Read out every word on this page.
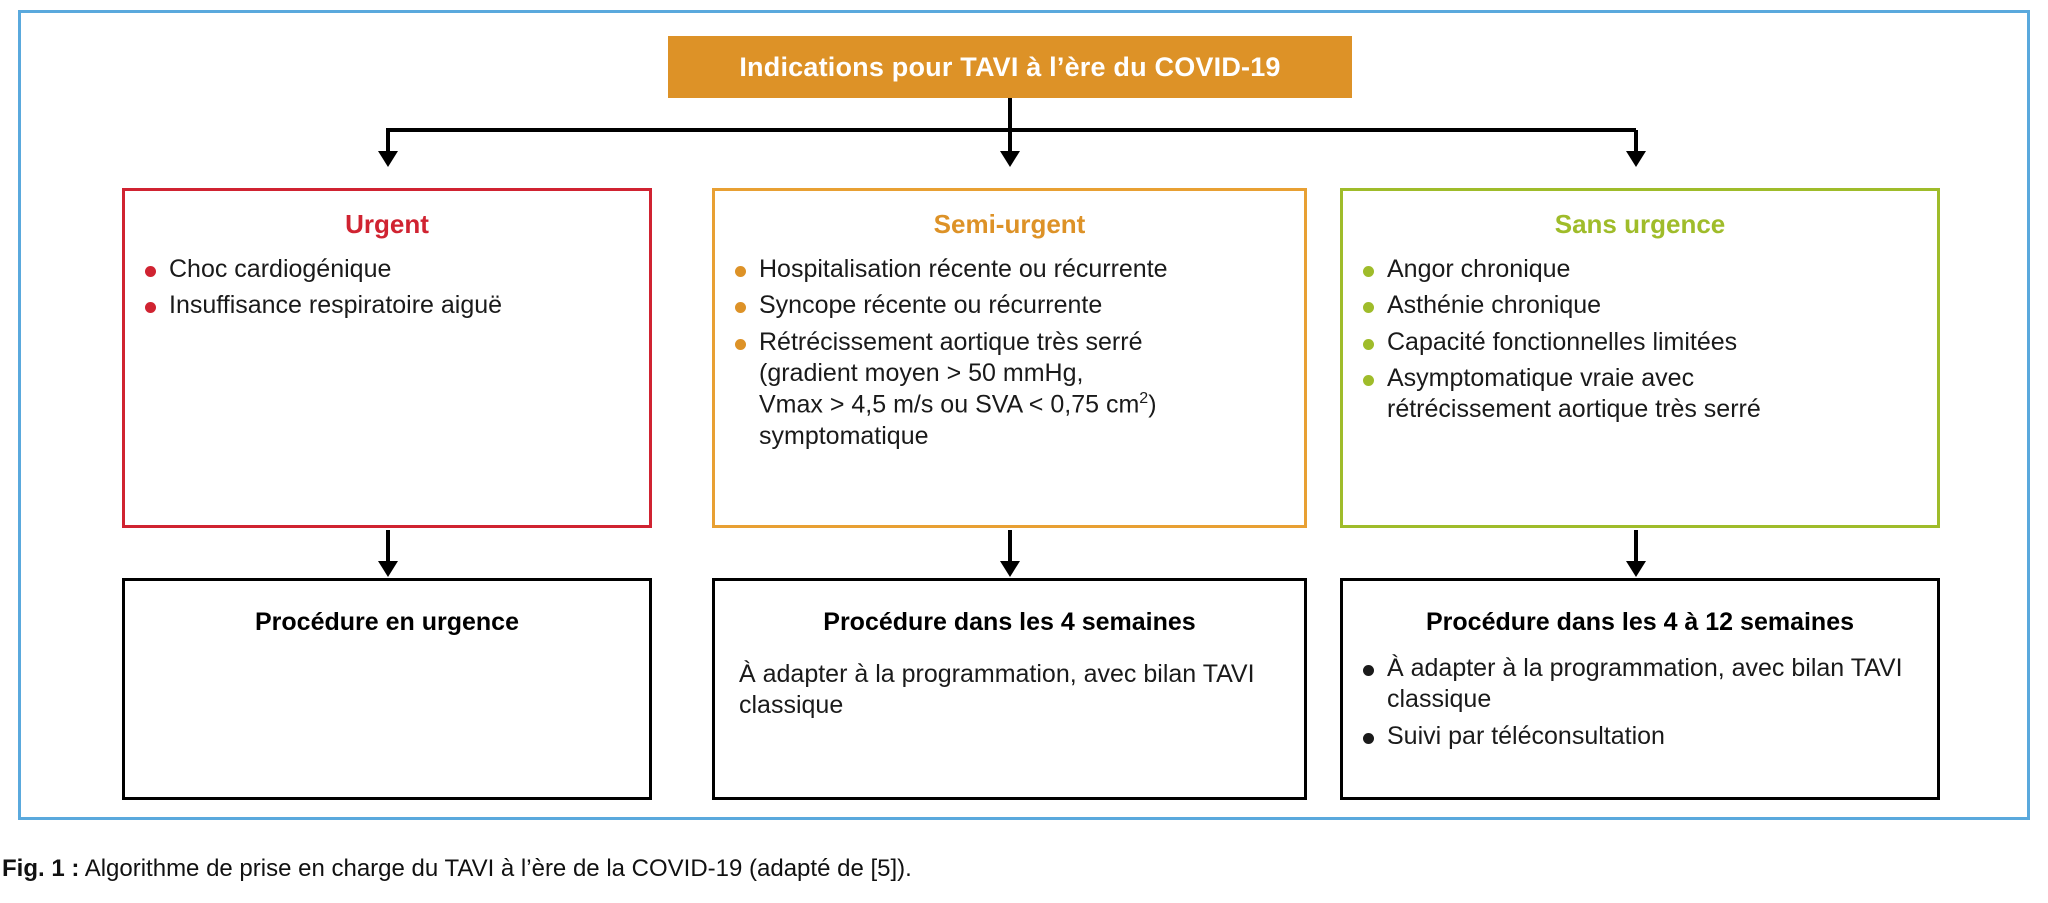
Indications pour TAVI à l’ère du COVID-19
Urgent
Choc cardiogénique
Insuffisance respiratoire aiguë
Procédure en urgence
Semi-urgent
Hospitalisation récente ou récurrente
Syncope récente ou récurrente
Rétrécissement aortique très serré
(gradient moyen > 50 mmHg,
Vmax > 4,5 m/s ou SVA < 0,75 $cm^2$)
symptomatique
Procédure dans les 4 semaines
À adapter à la programmation, avec bilan TAVI classique
Sans urgence
Angor chronique
Asthénie chronique
Capacité fonctionnelles limitées
Asymptomatique vraie avec
rétrécissement aortique très serré
Procédure dans les 4 à 12 semaines
À adapter à la programmation, avec bilan TAVI classique
Suivi par téléconsultation
Fig. 1 : Algorithme de prise en charge du TAVI à l’ère de la COVID-19 (adapté de [5]).
